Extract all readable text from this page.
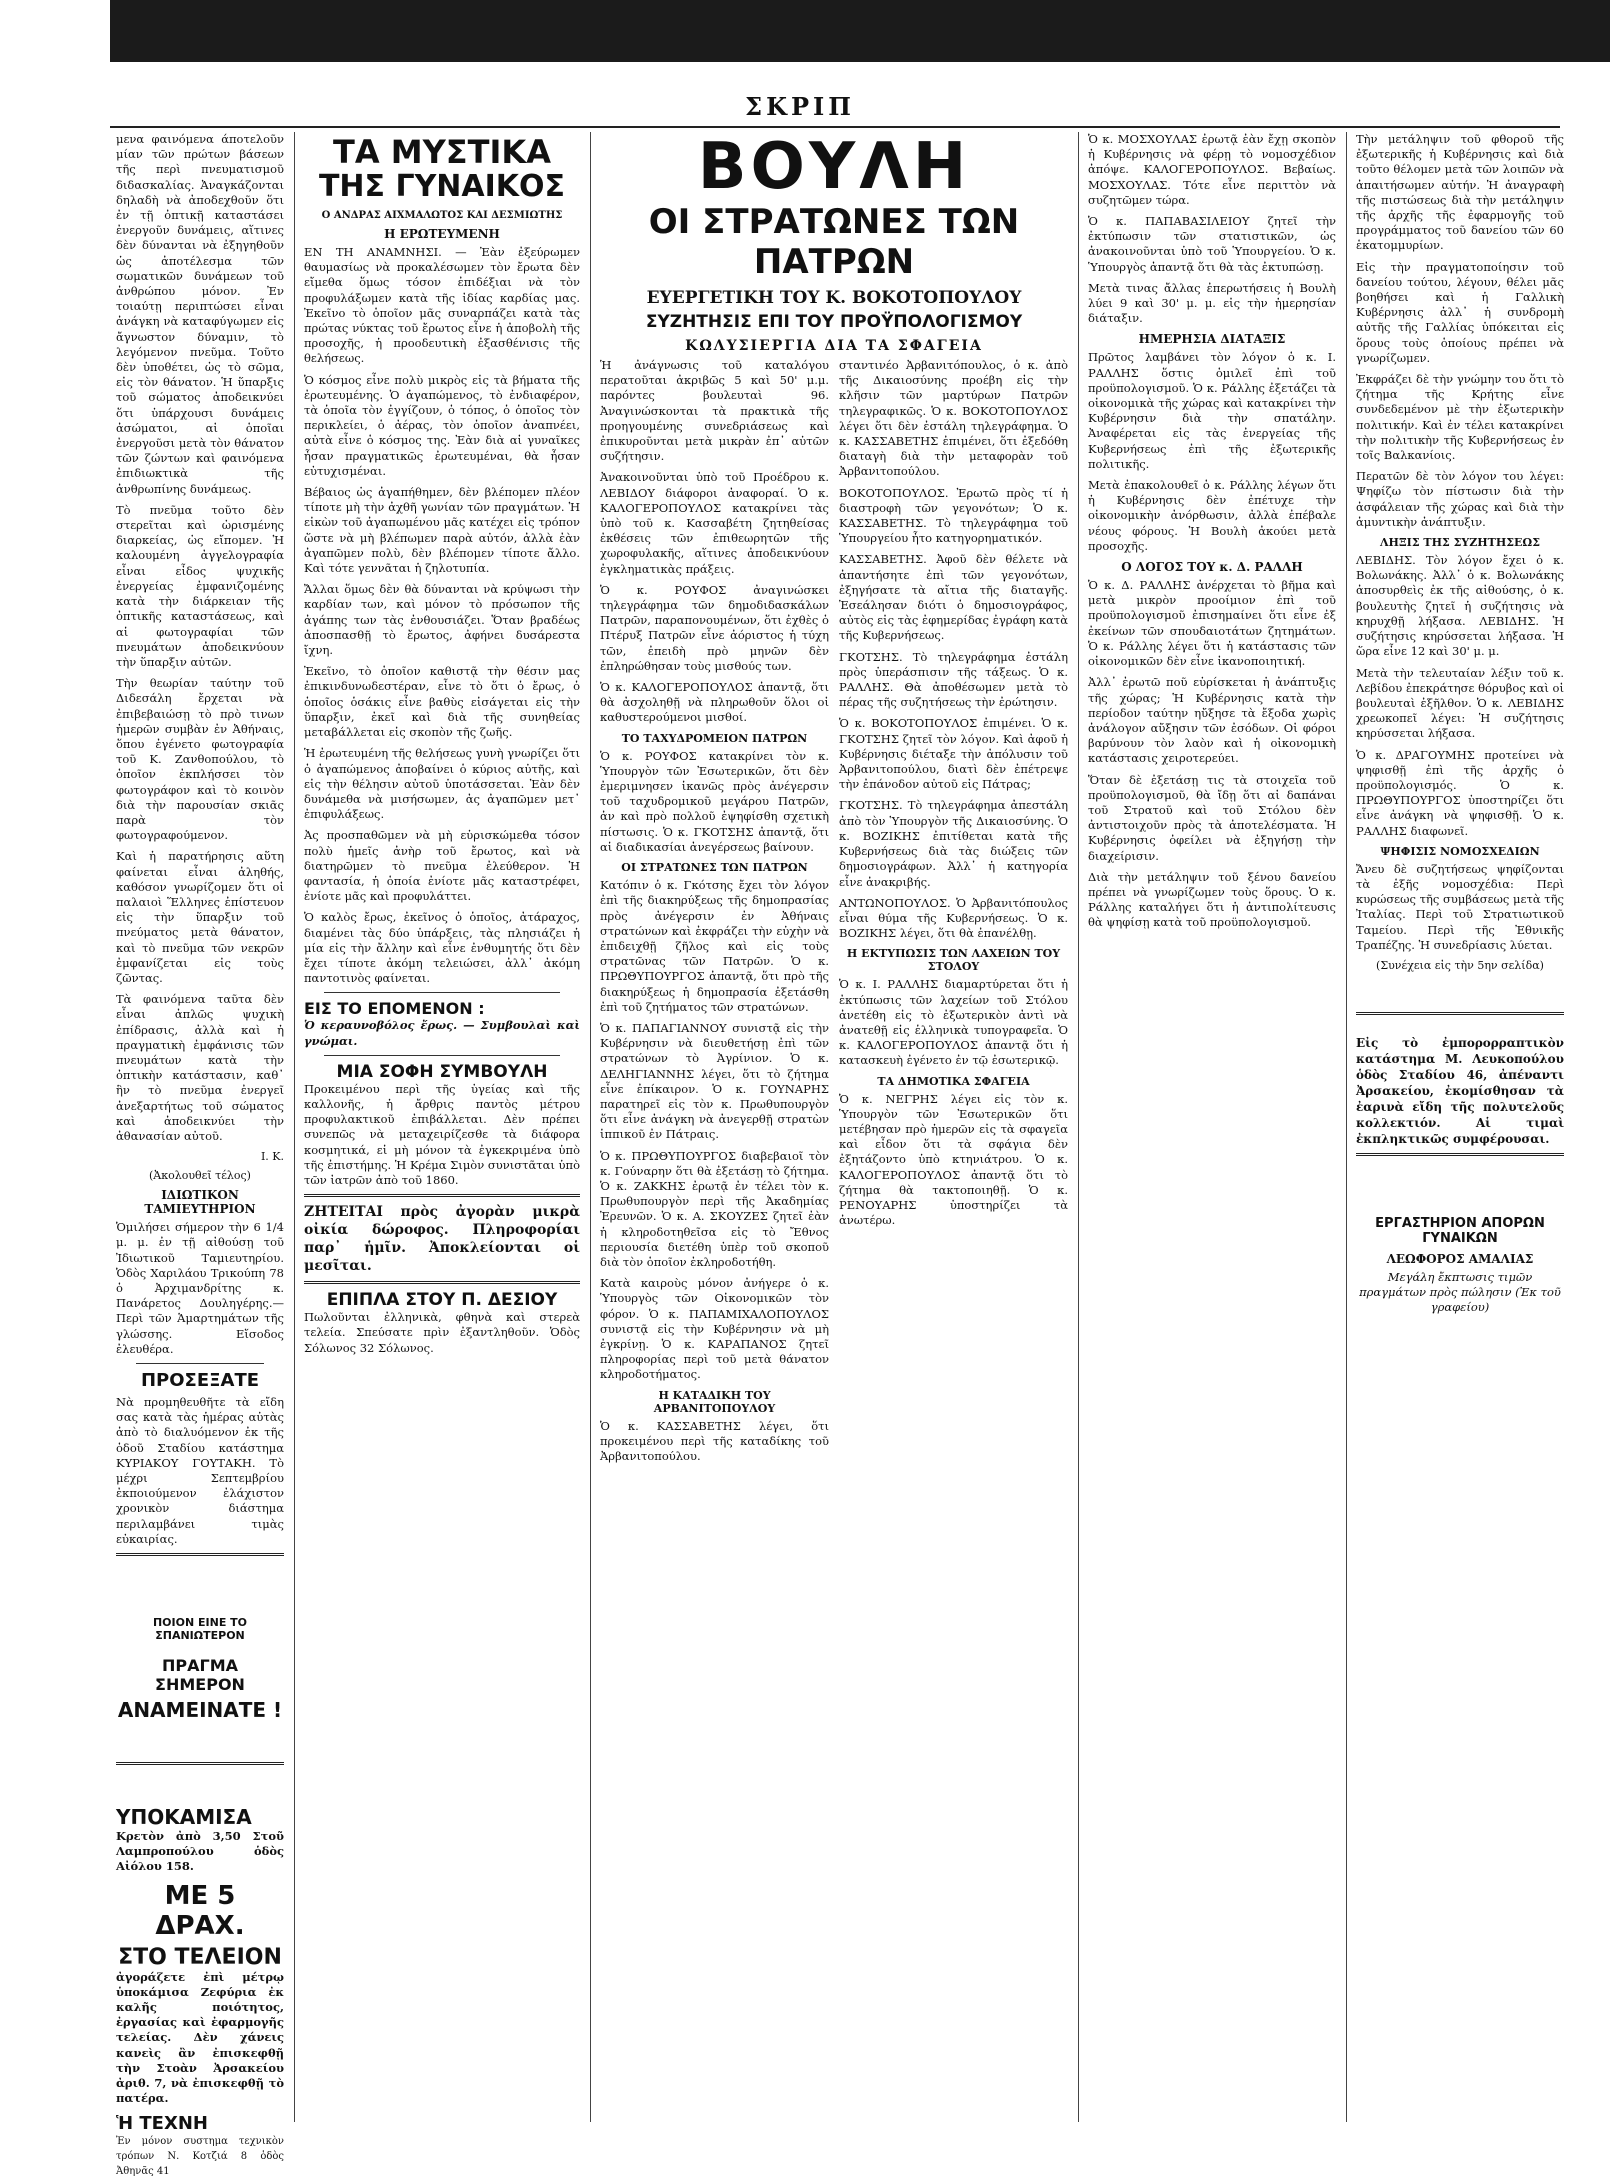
ΣΚΡΙΠ

μενα φαινόμενα άποτελοῦν μίαν τῶν πρώτων βάσεων τῆς περὶ πνευματισμοῦ διδασκαλίας. Ἀναγκάζονται δηλαδὴ νὰ ἀποδεχθοῦν ὅτι ἐν τῇ ὀπτικῇ καταστάσει ἐνεργοῦν δυνάμεις, αἵτινες δὲν δύνανται νὰ ἐξηγηθοῦν ὡς ἀποτέλεσμα τῶν σωματικῶν δυνάμεων τοῦ ἀνθρώπου μόνον. Ἐν τοιαύτῃ περιπτώσει εἶναι ἀνάγκη νὰ καταφύγωμεν εἰς ἄγνωστον δύναμιν, τὸ λεγόμενον πνεῦμα. Τοῦτο δὲν ὑποθέτει, ὡς τὸ σῶμα, εἰς τὸν θάνατον. Ἡ ὕπαρξις τοῦ σώματος ἀποδεικνύει ὅτι ὑπάρχουσι δυνάμεις ἀσώματοι, αἱ ὁποῖαι ἐνεργοῦσι μετὰ τὸν θάνατον τῶν ζώντων καὶ φαινόμενα ἐπιδιωκτικὰ τῆς ἀνθρωπίνης δυνάμεως.

Τὸ πνεῦμα τοῦτο δὲν στερεῖται καὶ ὡρισμένης διαρκείας, ὡς εἴπομεν. Ἡ καλουμένη ἀγγελογραφία εἶναι εἶδος ψυχικῆς ἐνεργείας ἐμφανιζομένης κατὰ τὴν διάρκειαν τῆς ὀπτικῆς καταστάσεως, καὶ αἱ φωτογραφίαι τῶν πνευμάτων ἀποδεικνύουν τὴν ὕπαρξιν αὐτῶν.

Τὴν θεωρίαν ταύτην τοῦ Διδεσάλη ἔρχεται νὰ ἐπιβεβαιώσῃ τὸ πρὸ τινων ἡμερῶν συμβὰν ἐν Ἀθήναις, ὅπου ἐγένετο φωτογραφία τοῦ Κ. Ζανθοπούλου, τὸ ὁποῖον ἐκπλήσσει τὸν φωτογράφον καὶ τὸ κοινὸν διὰ τὴν παρουσίαν σκιᾶς παρὰ τὸν φωτογραφούμενον.

Καὶ ἡ παρατήρησις αὕτη φαίνεται εἶναι ἀληθής, καθόσον γνωρίζομεν ὅτι οἱ παλαιοὶ Ἕλληνες ἐπίστευον εἰς τὴν ὕπαρξιν τοῦ πνεύματος μετὰ θάνατον, καὶ τὸ πνεῦμα τῶν νεκρῶν ἐμφανίζεται εἰς τοὺς ζῶντας.

Τὰ φαινόμενα ταῦτα δὲν εἶναι ἀπλῶς ψυχικὴ ἐπίδρασις, ἀλλὰ καὶ ἡ πραγματικὴ ἐμφάνισις τῶν πνευμάτων κατὰ τὴν ὀπτικὴν κατάστασιν, καθ᾽ ἣν τὸ πνεῦμα ἐνεργεῖ ἀνεξαρτήτως τοῦ σώματος καὶ ἀποδεικνύει τὴν ἀθανασίαν αὐτοῦ.

Ι. Κ.
(Ἀκολουθεῖ τέλος)
ΙΔΙΩΤΙΚΟΝ ΤΑΜΙΕΥΤΗΡΙΟΝ

Ὁμιλήσει σήμερον τὴν 6 1/4 μ. μ. ἐν τῇ αἰθούσῃ τοῦ Ἰδιωτικοῦ Ταμιευτηρίου. Ὁδὸς Χαριλάου Τρικούπη 78 ὁ Ἀρχιμανδρίτης κ. Πανάρετος Δουληγέρης.—Περὶ τῶν Ἁμαρτημάτων τῆς γλώσσης. Εἴσοδος ἐλευθέρα.

ΠΡΟΣΕΞΑΤΕ

Νὰ προμηθευθῆτε τὰ εἴδη σας κατὰ τὰς ἡμέρας αὐτὰς ἀπὸ τὸ διαλυόμενον ἐκ τῆς ὁδοῦ Σταδίου κατάστημα ΚΥΡΙΑΚΟΥ ΓΟΥΤΑΚΗ. Τὸ μέχρι Σεπτεμβρίου ἐκποιούμενον ἐλάχιστον χρονικὸν διάστημα περιλαμβάνει τιμὰς εὐκαιρίας.

ΠΟΙΟΝ ΕΙΝΕ ΤΟ ΣΠΑΝΙΩΤΕΡΟΝ
ΠΡΑΓΜΑ ΣΗΜΕΡΟΝ
ΑΝΑΜΕΙΝΑΤΕ !
ΥΠΟΚΑΜΙΣΑ

Κρετὸν ἀπὸ 3,50 Στοῦ Λαμπροπούλου ὁδὸς Αἰόλου 158.

ΜΕ 5 ΔΡΑΧ.
ΣΤΟ ΤΕΛΕΙΟΝ

ἀγοράζετε ἐπὶ μέτρῳ ὑποκάμισα Ζεφύρια ἐκ καλῆς ποιότητος, ἐργασίας καὶ ἐφαρμογῆς τελείας. Δὲν χάνεις κανεὶς ἂν ἐπισκεφθῇ τὴν Στοὰν Ἀρσακείου ἀριθ. 7, νὰ ἐπισκεφθῇ τὸ πατέρα.

Ἡ ΤΕΧΝΗ

Ἐν μόνον συστημα τεχνικὸν τρόπων Ν. Κοτζιά 8 ὁδὸς Ἀθηνᾶς 41

ΤΑ ΜΥΣΤΙΚΑ
ΤΗΣ ΓΥΝΑΙΚΟΣ
Ο ΑΝΔΡΑΣ ΑΙΧΜΑΛΩΤΟΣ ΚΑΙ ΔΕΣΜΙΩΤΗΣ
Η ΕΡΩΤΕΥΜΕΝΗ

ΕΝ ΤΗ ΑΝΑΜΝΗΣΙ. — Ἐὰν ἐξεύρωμεν θαυμασίως νὰ προκαλέσωμεν τὸν ἔρωτα δὲν εἴμεθα ὅμως τόσον ἐπιδέξιαι νὰ τὸν προφυλάξωμεν κατὰ τῆς ἰδίας καρδίας μας. Ἐκεῖνο τὸ ὁποῖον μᾶς συναρπάζει κατὰ τὰς πρώτας νύκτας τοῦ ἔρωτος εἶνε ἡ ἀποβολὴ τῆς προσοχῆς, ἡ προοδευτικὴ ἐξασθένισις τῆς θελήσεως.

Ὁ κόσμος εἶνε πολὺ μικρὸς εἰς τὰ βήματα τῆς ἐρωτευμένης. Ὁ ἀγαπώμενος, τὸ ἐνδιαφέρον, τὰ ὁποῖα τὸν ἐγγίζουν, ὁ τόπος, ὁ ὁποῖος τὸν περικλείει, ὁ ἀέρας, τὸν ὁποῖον ἀναπνέει, αὐτὰ εἶνε ὁ κόσμος της. Ἐὰν διὰ αἱ γυναῖκες ἦσαν πραγματικῶς ἐρωτευμέναι, θὰ ἦσαν εὐτυχισμέναι.

Βέβαιος ὡς ἀγαπήθημεν, δὲν βλέπομεν πλέον τίποτε μὴ τὴν ἀχθῆ γωνίαν τῶν πραγμάτων. Ἡ εἰκὼν τοῦ ἀγαπωμένου μᾶς κατέχει εἰς τρόπον ὥστε νὰ μὴ βλέπωμεν παρὰ αὐτόν, ἀλλὰ ἐὰν ἀγαπῶμεν πολὺ, δὲν βλέπομεν τίποτε ἄλλο. Καὶ τότε γεννᾶται ἡ ζηλοτυπία.

Ἄλλαι ὅμως δὲν θὰ δύνανται νὰ κρύψωσι τὴν καρδίαν των, καὶ μόνον τὸ πρόσωπον τῆς ἀγάπης των τὰς ἐνθουσιάζει. Ὅταν βραδέως ἀποσπασθῇ τὸ ἔρωτος, ἀφήνει δυσάρεστα ἴχνη.

Ἐκεῖνο, τὸ ὁποῖον καθιστᾷ τὴν θέσιν μας ἐπικινδυνωδεστέραν, εἶνε τὸ ὅτι ὁ ἔρως, ὁ ὁποῖος ὁσάκις εἶνε βαθὺς εἰσάγεται εἰς τὴν ὕπαρξιν, ἐκεῖ καὶ διὰ τῆς συνηθείας μεταβάλλεται εἰς σκοπὸν τῆς ζωῆς.

Ἡ ἐρωτευμένη τῆς θελήσεως γυνὴ γνωρίζει ὅτι ὁ ἀγαπώμενος ἀποβαίνει ὁ κύριος αὐτῆς, καὶ εἰς τὴν θέλησιν αὐτοῦ ὑποτάσσεται. Ἐὰν δὲν δυνάμεθα νὰ μισήσωμεν, ἀς ἀγαπῶμεν μετ᾽ ἐπιφυλάξεως.

Ἀς προσπαθῶμεν νὰ μὴ εὑρισκώμεθα τόσον πολὺ ἡμεῖς ἀνὴρ τοῦ ἔρωτος, καὶ νὰ διατηρῶμεν τὸ πνεῦμα ἐλεύθερον. Ἡ φαντασία, ἡ ὁποία ἐνίοτε μᾶς καταστρέφει, ἐνίοτε μᾶς καὶ προφυλάττει.

Ὁ καλὸς ἔρως, ἐκεῖνος ὁ ὁποῖος, ἀτάραχος, διαμένει τὰς δύο ὑπάρξεις, τὰς πλησιάζει ἡ μία εἰς τὴν ἄλλην καὶ εἶνε ἐνθυμητής ὅτι δὲν ἔχει τίποτε ἀκόμη τελειώσει, ἀλλ᾽ ἀκόμη παντοτινὸς φαίνεται.

ΕΙΣ ΤΟ ΕΠΟΜΕΝΟΝ :

Ὁ κεραυνοβόλος ἔρως. — Συμβουλαὶ καὶ γνώμαι.

ΜΙΑ ΣΟΦΗ ΣΥΜΒΟΥΛΗ

Προκειμένου περὶ τῆς ὑγείας καὶ τῆς καλλονῆς, ἡ ἄρθρις παντὸς μέτρου προφυλακτικοῦ ἐπιβάλλεται. Δὲν πρέπει συνεπῶς νὰ μεταχειρίζεσθε τὰ διάφορα κοσμητικά, εἰ μὴ μόνον τὰ ἐγκεκριμένα ὑπὸ τῆς ἐπιστήμης. Ἡ Κρέμα Σιμὸν συνιστᾶται ὑπὸ τῶν ἰατρῶν ἀπὸ τοῦ 1860.

ΖΗΤΕΙΤΑΙ πρὸς ἀγορὰν μικρὰ οἰκία δώροφος. Πληροφορίαι παρ᾽ ἡμῖν. Ἀποκλείονται οἱ μεσῖται.

ΕΠΙΠΛΑ ΣΤΟΥ Π. ΔΕΣΙΟΥ

Πωλοῦνται ἐλληνικὰ, φθηνὰ καὶ στερεὰ τελεία. Σπεύσατε πρὶν ἐξαντληθοῦν. Ὁδὸς Σόλωνος 32 Σόλωνος.

ΒΟΥΛΗ
ΟΙ ΣΤΡΑΤΩΝΕΣ ΤΩΝ ΠΑΤΡΩΝ
ΕΥΕΡΓΕΤΙΚΗ ΤΟΥ Κ. ΒΟΚΟΤΟΠΟΥΛΟΥ
ΣΥΖΗΤΗΣΙΣ ΕΠΙ ΤΟΥ ΠΡΟΫΠΟΛΟΓΙΣΜΟΥ
ΚΩΛΥΣΙΕΡΓΙΑ ΔΙΑ ΤΑ ΣΦΑΓΕΙΑ

Ἡ ἀνάγνωσις τοῦ καταλόγου περατοῦται ἀκριβῶς 5 καὶ 50' μ.μ. παρόντες βουλευταὶ 96. Ἀναγινώσκονται τὰ πρακτικὰ τῆς προηγουμένης συνεδριάσεως καὶ ἐπικυροῦνται μετὰ μικρὰν ἐπ᾽ αὐτῶν συζήτησιν.

Ἀνακοινοῦνται ὑπὸ τοῦ Προέδρου κ. ΛΕΒΙΔΟΥ διάφοροι ἀναφοραί. Ὁ κ. ΚΑΛΟΓΕΡΟΠΟΥΛΟΣ κατακρίνει τὰς ὑπὸ τοῦ κ. Κασσαβέτη ζητηθείσας ἐκθέσεις τῶν ἐπιθεωρητῶν τῆς χωροφυλακῆς, αἵτινες ἀποδεικνύουν ἐγκληματικὰς πράξεις.

Ὁ κ. ΡΟΥΦΟΣ ἀναγινώσκει τηλεγράφημα τῶν δημοδιδασκάλων Πατρῶν, παραπονουμένων, ὅτι ἐχθὲς ὁ Πτέρυξ Πατρῶν εἶνε ἀόριστος ἡ τύχη τῶν, ἐπειδὴ πρὸ μηνῶν δὲν ἐπληρώθησαν τοὺς μισθούς των.

Ὁ κ. ΚΑΛΟΓΕΡΟΠΟΥΛΟΣ ἀπαντᾷ, ὅτι θὰ ἀσχοληθῇ νὰ πληρωθοῦν ὅλοι οἱ καθυστερούμενοι μισθοί.

ΤΟ ΤΑΧΥΔΡΟΜΕΙΟΝ ΠΑΤΡΩΝ

Ὁ κ. ΡΟΥΦΟΣ κατακρίνει τὸν κ. Ὑπουργὸν τῶν Ἐσωτερικῶν, ὅτι δὲν ἐμεριμνησεν ἱκανῶς πρὸς ἀνέγερσιν τοῦ ταχυδρομικοῦ μεγάρου Πατρῶν, ἀν καὶ πρὸ πολλοῦ ἐψηφίσθη σχετικὴ πίστωσις. Ὁ κ. ΓΚΟΤΣΗΣ ἀπαντᾷ, ὅτι αἱ διαδικασίαι ἀνεγέρσεως βαίνουν.

ΟΙ ΣΤΡΑΤΩΝΕΣ ΤΩΝ ΠΑΤΡΩΝ

Κατόπιν ὁ κ. Γκότσης ἔχει τὸν λόγον ἐπὶ τῆς διακηρύξεως τῆς δημοπρασίας πρὸς ἀνέγερσιν ἐν Ἀθήναις στρατώνων καὶ ἐκφράζει τὴν εὐχὴν νὰ ἐπιδειχθῇ ζῆλος καὶ εἰς τοὺς στρατῶνας τῶν Πατρῶν. Ὁ κ. ΠΡΩΘΥΠΟΥΡΓΟΣ ἀπαντᾷ, ὅτι πρὸ τῆς διακηρύξεως ἡ δημοπρασία ἐξετάσθη ἐπὶ τοῦ ζητήματος τῶν στρατώνων.

Ὁ κ. ΠΑΠΑΓΙΑΝΝΟΥ συνιστᾷ εἰς τὴν Κυβέρνησιν νὰ διευθετήσῃ ἐπὶ τῶν στρατώνων τὸ Ἀγρίνιον. Ὁ κ. ΔΕΛΗΓΙΑΝΝΗΣ λέγει, ὅτι τὸ ζήτημα εἶνε ἐπίκαιρον. Ὁ κ. ΓΟΥΝΑΡΗΣ παρατηρεῖ εἰς τὸν κ. Πρωθυπουργὸν ὅτι εἶνε ἀνάγκη νὰ ἀνεγερθῇ στρατὼν ἱππικοῦ ἐν Πάτραις.

Ὁ κ. ΠΡΩΘΥΠΟΥΡΓΟΣ διαβεβαιοῖ τὸν κ. Γούναρην ὅτι θὰ ἐξετάσῃ τὸ ζήτημα. Ὁ κ. ΖΑΚΚΗΣ ἐρωτᾷ ἐν τέλει τὸν κ. Πρωθυπουργὸν περὶ τῆς Ἀκαδημίας Ἐρευνῶν. Ὁ κ. Α. ΣΚΟΥΖΕΣ ζητεῖ ἐὰν ἡ κληροδοτηθεῖσα εἰς τὸ Ἔθνος περιουσία διετέθη ὑπὲρ τοῦ σκοποῦ διὰ τὸν ὁποῖον ἐκληροδοτήθη.

Κατὰ καιροὺς μόνον ἀνήγερε ὁ κ. Ὑπουργὸς τῶν Οἰκονομικῶν τὸν φόρον. Ὁ κ. ΠΑΠΑΜΙΧΑΛΟΠΟΥΛΟΣ συνιστᾷ εἰς τὴν Κυβέρνησιν νὰ μὴ ἐγκρίνῃ. Ὁ κ. ΚΑΡΑΠΑΝΟΣ ζητεῖ πληροφορίας περὶ τοῦ μετὰ θάνατον κληροδοτήματος.

Η ΚΑΤΑΔΙΚΗ ΤΟΥ ΑΡΒΑΝΙΤΟΠΟΥΛΟΥ

Ὁ κ. ΚΑΣΣΑΒΕΤΗΣ λέγει, ὅτι προκειμένου περὶ τῆς καταδίκης τοῦ Ἀρβανιτοπούλου.

σταντινέο Ἀρβανιτόπουλος, ὁ κ. ἀπὸ τῆς Δικαιοσύνης προέβη εἰς τὴν κλῆσιν τῶν μαρτύρων Πατρῶν τηλεγραφικῶς. Ὁ κ. ΒΟΚΟΤΟΠΟΥΛΟΣ λέγει ὅτι δὲν ἐστάλη τηλεγράφημα. Ὁ κ. ΚΑΣΣΑΒΕΤΗΣ ἐπιμένει, ὅτι ἐξεδόθη διαταγὴ διὰ τὴν μεταφορὰν τοῦ Ἀρβανιτοπούλου.

ΒΟΚΟΤΟΠΟΥΛΟΣ. Ἐρωτῶ πρὸς τί ἡ διαστροφὴ τῶν γεγονότων; Ὁ κ. ΚΑΣΣΑΒΕΤΗΣ. Τὸ τηλεγράφημα τοῦ Ὑπουργείου ἦτο κατηγορηματικόν.

ΚΑΣΣΑΒΕΤΗΣ. Ἀφοῦ δὲν θέλετε νὰ ἀπαντήσητε ἐπὶ τῶν γεγονότων, ἐξηγήσατε τὰ αἴτια τῆς διαταγῆς. Ἐσεάλησαν διότι ὁ δημοσιογράφος, αὐτὸς εἰς τὰς ἐφημερίδας ἐγράφη κατὰ τῆς Κυβερνήσεως.

ΓΚΟΤΣΗΣ. Τὸ τηλεγράφημα ἐστάλη πρὸς ὑπεράσπισιν τῆς τάξεως. Ὁ κ. ΡΑΛΛΗΣ. Θὰ ἀποθέσωμεν μετὰ τὸ πέρας τῆς συζητήσεως τὴν ἐρώτησιν.

Ὁ κ. ΒΟΚΟΤΟΠΟΥΛΟΣ ἐπιμένει. Ὁ κ. ΓΚΟΤΣΗΣ ζητεῖ τὸν λόγον. Καὶ ἀφοῦ ἡ Κυβέρνησις διέταξε τὴν ἀπόλυσιν τοῦ Ἀρβανιτοπούλου, διατὶ δὲν ἐπέτρεψε τὴν ἐπάνοδον αὐτοῦ εἰς Πάτρας;

ΓΚΟΤΣΗΣ. Τὸ τηλεγράφημα ἀπεστάλη ἀπὸ τὸν Ὑπουργὸν τῆς Δικαιοσύνης. Ὁ κ. ΒΟΖΙΚΗΣ ἐπιτίθεται κατὰ τῆς Κυβερνήσεως διὰ τὰς διώξεις τῶν δημοσιογράφων. Ἀλλ᾽ ἡ κατηγορία εἶνε ἀνακριβής.

ΑΝΤΩΝΟΠΟΥΛΟΣ. Ὁ Ἀρβανιτόπουλος εἶναι θύμα τῆς Κυβερνήσεως. Ὁ κ. ΒΟΖΙΚΗΣ λέγει, ὅτι θὰ ἐπανέλθῃ.

Η ΕΚΤΥΠΩΣΙΣ ΤΩΝ ΛΑΧΕΙΩΝ ΤΟΥ ΣΤΟΛΟΥ

Ὁ κ. Ι. ΡΑΛΛΗΣ διαμαρτύρεται ὅτι ἡ ἐκτύπωσις τῶν λαχείων τοῦ Στόλου ἀνετέθη εἰς τὸ ἐξωτερικὸν ἀντὶ νὰ ἀνατεθῇ εἰς ἑλληνικὰ τυπογραφεῖα. Ὁ κ. ΚΑΛΟΓΕΡΟΠΟΥΛΟΣ ἀπαντᾷ ὅτι ἡ κατασκευὴ ἐγένετο ἐν τῷ ἐσωτερικῷ.

ΤΑ ΔΗΜΟΤΙΚΑ ΣΦΑΓΕΙΑ

Ὁ κ. ΝΕΓΡΗΣ λέγει εἰς τὸν κ. Ὑπουργὸν τῶν Ἐσωτερικῶν ὅτι μετέβησαν πρὸ ἡμερῶν εἰς τὰ σφαγεῖα καὶ εἶδον ὅτι τὰ σφάγια δὲν ἐξητάζοντο ὑπὸ κτηνιάτρου. Ὁ κ. ΚΑΛΟΓΕΡΟΠΟΥΛΟΣ ἀπαντᾷ ὅτι τὸ ζήτημα θὰ τακτοποιηθῇ. Ὁ κ. ΡΕΝΟΥΑΡΗΣ ὑποστηρίζει τὰ ἀνωτέρω.

Ὁ κ. ΜΟΣΧΟΥΛΑΣ ἐρωτᾷ ἐὰν ἔχῃ σκοπὸν ἡ Κυβέρνησις νὰ φέρῃ τὸ νομοσχέδιον ἀπόψε. ΚΑΛΟΓΕΡΟΠΟΥΛΟΣ. Βεβαίως. ΜΟΣΧΟΥΛΑΣ. Τότε εἶνε περιττὸν νὰ συζητῶμεν τώρα.

Ὁ κ. ΠΑΠΑΒΑΣΙΛΕΙΟΥ ζητεῖ τὴν ἐκτύπωσιν τῶν στατιστικῶν, ὡς ἀνακοινοῦνται ὑπὸ τοῦ Ὑπουργείου. Ὁ κ. Ὑπουργὸς ἀπαντᾷ ὅτι θὰ τὰς ἐκτυπώσῃ.

Μετὰ τινας ἄλλας ἐπερωτήσεις ἡ Βουλὴ λύει 9 καὶ 30' μ. μ. εἰς τὴν ἡμερησίαν διάταξιν.

ΗΜΕΡΗΣΙΑ ΔΙΑΤΑΞΙΣ

Πρῶτος λαμβάνει τὸν λόγον ὁ κ. Ι. ΡΑΛΛΗΣ ὅστις ὁμιλεῖ ἐπὶ τοῦ προϋπολογισμοῦ. Ὁ κ. Ράλλης ἐξετάζει τὰ οἰκονομικὰ τῆς χώρας καὶ κατακρίνει τὴν Κυβέρνησιν διὰ τὴν σπατάλην. Ἀναφέρεται εἰς τὰς ἐνεργείας τῆς Κυβερνήσεως ἐπὶ τῆς ἐξωτερικῆς πολιτικῆς.

Μετὰ ἐπακολουθεῖ ὁ κ. Ράλλης λέγων ὅτι ἡ Κυβέρνησις δὲν ἐπέτυχε τὴν οἰκονομικὴν ἀνόρθωσιν, ἀλλὰ ἐπέβαλε νέους φόρους. Ἡ Βουλὴ ἀκούει μετὰ προσοχῆς.

Ο ΛΟΓΟΣ ΤΟΥ κ. Δ. ΡΑΛΛΗ

Ὁ κ. Δ. ΡΑΛΛΗΣ ἀνέρχεται τὸ βῆμα καὶ μετὰ μικρὸν προοίμιον ἐπὶ τοῦ προϋπολογισμοῦ ἐπισημαίνει ὅτι εἶνε ἐξ ἐκείνων τῶν σπουδαιοτάτων ζητημάτων. Ὁ κ. Ράλλης λέγει ὅτι ἡ κατάστασις τῶν οἰκονομικῶν δὲν εἶνε ἱκανοποιητική.

Ἀλλ᾽ ἐρωτῶ ποῦ εὑρίσκεται ἡ ἀνάπτυξις τῆς χώρας; Ἡ Κυβέρνησις κατὰ τὴν περίοδον ταύτην ηὔξησε τὰ ἔξοδα χωρὶς ἀνάλογον αὔξησιν τῶν ἐσόδων. Οἱ φόροι βαρύνουν τὸν λαὸν καὶ ἡ οἰκονομικὴ κατάστασις χειροτερεύει.

Ὅταν δὲ ἐξετάσῃ τις τὰ στοιχεῖα τοῦ προϋπολογισμοῦ, θὰ ἴδῃ ὅτι αἱ δαπάναι τοῦ Στρατοῦ καὶ τοῦ Στόλου δὲν ἀντιστοιχοῦν πρὸς τὰ ἀποτελέσματα. Ἡ Κυβέρνησις ὀφείλει νὰ ἐξηγήσῃ τὴν διαχείρισιν.

Διὰ τὴν μετάληψιν τοῦ ξένου δανείου πρέπει νὰ γνωρίζωμεν τοὺς ὅρους. Ὁ κ. Ράλλης καταλήγει ὅτι ἡ ἀντιπολίτευσις θὰ ψηφίσῃ κατὰ τοῦ προϋπολογισμοῦ.

Τὴν μετάληψιν τοῦ φθοροῦ τῆς ἐξωτερικῆς ἡ Κυβέρνησις καὶ διὰ τοῦτο θέλομεν μετὰ τῶν λοιπῶν νὰ ἀπαιτήσωμεν αὐτήν. Ἡ ἀναγραφὴ τῆς πιστώσεως διὰ τὴν μετάληψιν τῆς ἀρχῆς τῆς ἐφαρμογῆς τοῦ προγράμματος τοῦ δανείου τῶν 60 ἑκατομμυρίων.

Εἰς τὴν πραγματοποίησιν τοῦ δανείου τούτου, λέγουν, θέλει μᾶς βοηθήσει καὶ ἡ Γαλλικὴ Κυβέρνησις ἀλλ᾽ ἡ συνδρομὴ αὐτῆς τῆς Γαλλίας ὑπόκειται εἰς ὅρους τοὺς ὁποίους πρέπει νὰ γνωρίζωμεν.

Ἐκφράζει δὲ τὴν γνώμην του ὅτι τὸ ζήτημα τῆς Κρήτης εἶνε συνδεδεμένον μὲ τὴν ἐξωτερικὴν πολιτικήν. Καὶ ἐν τέλει κατακρίνει τὴν πολιτικὴν τῆς Κυβερνήσεως ἐν τοῖς Βαλκανίοις.

Περατῶν δὲ τὸν λόγον του λέγει: Ψηφίζω τὸν πίστωσιν διὰ τὴν ἀσφάλειαν τῆς χώρας καὶ διὰ τὴν ἀμυντικὴν ἀνάπτυξιν.

ΛΗΞΙΣ ΤΗΣ ΣΥΖΗΤΗΣΕΩΣ

ΛΕΒΙΔΗΣ. Τὸν λόγον ἔχει ὁ κ. Βολωνάκης. Ἀλλ᾽ ὁ κ. Βολωνάκης ἀποσυρθεὶς ἐκ τῆς αἰθούσης, ὁ κ. βουλευτὴς ζητεῖ ἡ συζήτησις νὰ κηρυχθῇ λήξασα. ΛΕΒΙΔΗΣ. Ἡ συζήτησις κηρύσσεται λήξασα. Ἡ ὥρα εἶνε 12 καὶ 30' μ. μ.

Μετὰ τὴν τελευταίαν λέξιν τοῦ κ. Λεβίδου ἐπεκράτησε θόρυβος καὶ οἱ βουλευταὶ ἐξῆλθον. Ὁ κ. ΛΕΒΙΔΗΣ χρεωκοπεῖ λέγει: Ἡ συζήτησις κηρύσσεται λήξασα.

Ὁ κ. ΔΡΑΓΟΥΜΗΣ προτείνει νὰ ψηφισθῇ ἐπὶ τῆς ἀρχῆς ὁ προϋπολογισμός. Ὁ κ. ΠΡΩΘΥΠΟΥΡΓΟΣ ὑποστηρίζει ὅτι εἶνε ἀνάγκη νὰ ψηφισθῇ. Ὁ κ. ΡΑΛΛΗΣ διαφωνεῖ.

ΨΗΦΙΣΙΣ ΝΟΜΟΣΧΕΔΙΩΝ

Ἄνευ δὲ συζητήσεως ψηφίζονται τὰ ἑξῆς νομοσχέδια: Περὶ κυρώσεως τῆς συμβάσεως μετὰ τῆς Ἰταλίας. Περὶ τοῦ Στρατιωτικοῦ Ταμείου. Περὶ τῆς Ἐθνικῆς Τραπέζης. Ἡ συνεδρίασις λύεται.

(Συνέχεια εἰς τὴν 5ην σελίδα)

Εἰς τὸ ἐμπορορραπτικὸν κατάστημα Μ. Λευκοπούλου ὁδὸς Σταδίου 46, ἀπέναντι Ἀρσακείου, ἐκομίσθησαν τὰ ἐαρινὰ εἴδη τῆς πολυτελοῦς κολλεκτιόν. Αἱ τιμαὶ ἐκπληκτικῶς συμφέρουσαι.

ΕΡΓΑΣΤΗΡΙΟΝ ΑΠΟΡΩΝ ΓΥΝΑΙΚΩΝ
ΛΕΩΦΟΡΟΣ ΑΜΑΛΙΑΣ

Μεγάλη ἔκπτωσις τιμῶν πραγμάτων πρὸς πώλησιν (Ἐκ τοῦ γραφείου)
